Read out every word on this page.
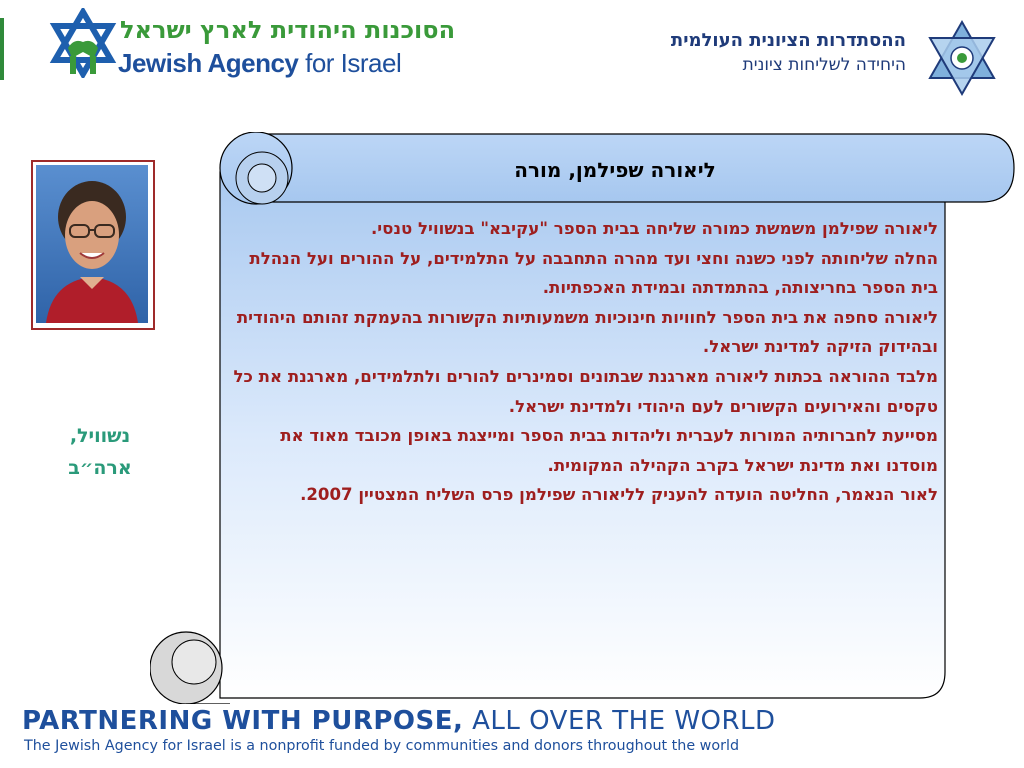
הסוכנות היהודית לארץ ישראל
Jewish Agency for Israel
ההסתדרות הציונית העולמית
היחידה לשליחות ציונית
נשוויל,
ארה״ב
ליאורה שפילמן, מורה

ליאורה שפילמן משמשת כמורה שליחה בבית הספר "עקיבא" בנשוויל טנסי.

החלה שליחותה לפני כשנה וחצי ועד מהרה התחבבה על התלמידים, על ההורים ועל הנהלת בית הספר בחריצותה, בהתמדתה ובמידת האכפתיות.

ליאורה סחפה את בית הספר לחוויות חינוכיות משמעותיות הקשורות בהעמקת זהותם היהודית ובהידוק הזיקה למדינת ישראל.

מלבד ההוראה בכתות ליאורה מארגנת שבתונים וסמינרים להורים ולתלמידים, מארגנת את כל טקסים והאירועים הקשורים לעם היהודי ולמדינת ישראל.

מסייעת לחברותיה המורות לעברית וליהדות בבית הספר ומייצגת באופן מכובד מאוד את מוסדנו ואת מדינת ישראל בקרב הקהילה המקומית.

לאור הנאמר, החליטה הועדה להעניק לליאורה שפילמן פרס השליח המצטיין 2007.

PARTNERING WITH PURPOSE, ALL OVER THE WORLD
The Jewish Agency for Israel is a nonprofit funded by communities and donors throughout the world
